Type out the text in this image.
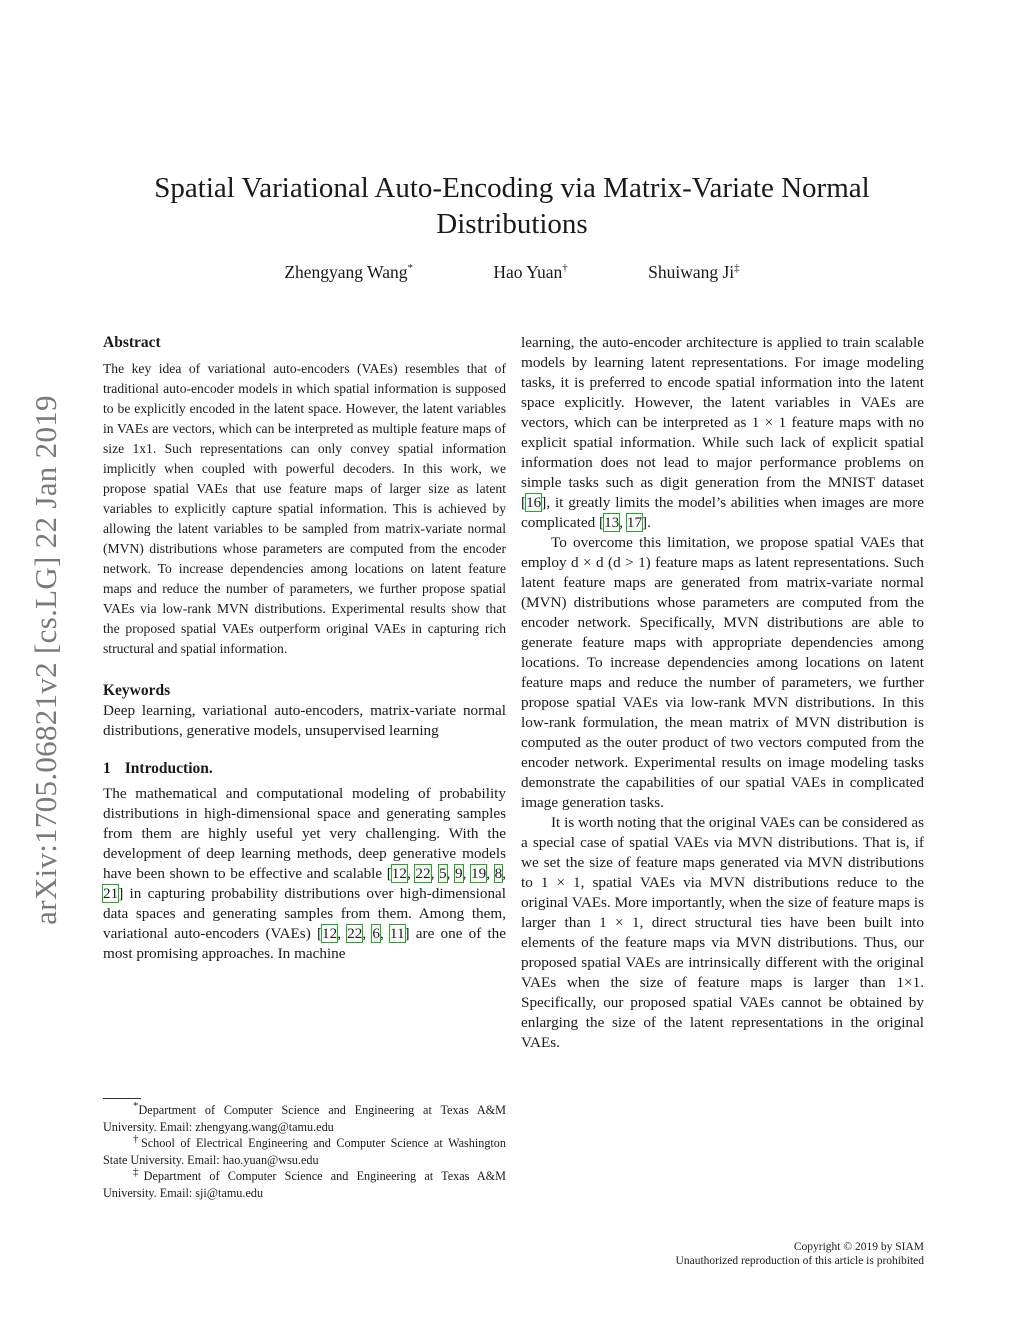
arXiv:1705.06821v2 [cs.LG] 22 Jan 2019
Spatial Variational Auto-Encoding via Matrix-Variate Normal Distributions
Zhengyang Wang*	Hao Yuan†	Shuiwang Ji‡
Abstract

The key idea of variational auto-encoders (VAEs) resembles that of traditional auto-encoder models in which spatial information is supposed to be explicitly encoded in the latent space. However, the latent variables in VAEs are vectors, which can be interpreted as multiple feature maps of size 1x1. Such representations can only convey spatial information implicitly when coupled with powerful decoders. In this work, we propose spatial VAEs that use feature maps of larger size as latent variables to explicitly capture spatial information. This is achieved by allowing the latent variables to be sampled from matrix-variate normal (MVN) distributions whose parameters are computed from the encoder network. To increase dependencies among locations on latent feature maps and reduce the number of parameters, we further propose spatial VAEs via low-rank MVN distributions. Experimental results show that the proposed spatial VAEs outperform original VAEs in capturing rich structural and spatial information.

Keywords

Deep learning, variational auto-encoders, matrix-variate normal distributions, generative models, unsupervised learning

1 Introduction.

The mathematical and computational modeling of probability distributions in high-dimensional space and generating samples from them are highly useful yet very challenging. With the development of deep learning methods, deep generative models have been shown to be effective and scalable [12, 22, 5, 9, 19, 8, 21] in capturing probability distributions over high-dimensional data spaces and generating samples from them. Among them, variational auto-encoders (VAEs) [12, 22, 6, 11] are one of the most promising approaches. In machine

*Department of Computer Science and Engineering at Texas A&M University. Email: zhengyang.wang@tamu.edu

†School of Electrical Engineering and Computer Science at Washington State University. Email: hao.yuan@wsu.edu

‡Department of Computer Science and Engineering at Texas A&M University. Email: sji@tamu.edu

learning, the auto-encoder architecture is applied to train scalable models by learning latent representations. For image modeling tasks, it is preferred to encode spatial information into the latent space explicitly. However, the latent variables in VAEs are vectors, which can be interpreted as 1 × 1 feature maps with no explicit spatial information. While such lack of explicit spatial information does not lead to major performance problems on simple tasks such as digit generation from the MNIST dataset [16], it greatly limits the model’s abilities when images are more complicated [13, 17].

To overcome this limitation, we propose spatial VAEs that employ d × d (d > 1) feature maps as latent representations. Such latent feature maps are generated from matrix-variate normal (MVN) distributions whose parameters are computed from the encoder network. Specifically, MVN distributions are able to generate feature maps with appropriate dependencies among locations. To increase dependencies among locations on latent feature maps and reduce the number of parameters, we further propose spatial VAEs via low-rank MVN distributions. In this low-rank formulation, the mean matrix of MVN distribution is computed as the outer product of two vectors computed from the encoder network. Experimental results on image modeling tasks demonstrate the capabilities of our spatial VAEs in complicated image generation tasks.

It is worth noting that the original VAEs can be considered as a special case of spatial VAEs via MVN distributions. That is, if we set the size of feature maps generated via MVN distributions to 1 × 1, spatial VAEs via MVN distributions reduce to the original VAEs. More importantly, when the size of feature maps is larger than 1 × 1, direct structural ties have been built into elements of the feature maps via MVN distributions. Thus, our proposed spatial VAEs are intrinsically different with the original VAEs when the size of feature maps is larger than 1×1. Specifically, our proposed spatial VAEs cannot be obtained by enlarging the size of the latent representations in the original VAEs.

Copyright © 2019 by SIAM
Unauthorized reproduction of this article is prohibited
